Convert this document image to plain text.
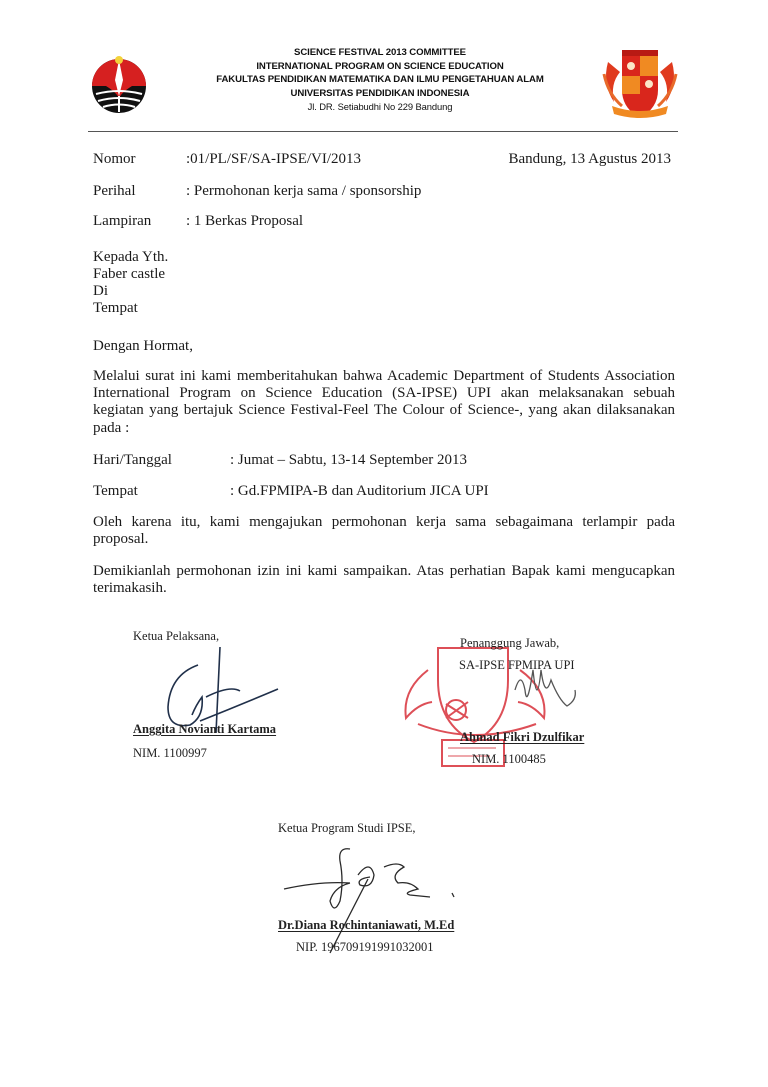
SCIENCE FESTIVAL 2013 COMMITTEE
INTERNATIONAL PROGRAM ON SCIENCE EDUCATION
FAKULTAS PENDIDIKAN MATEMATIKA DAN ILMU PENGETAHUAN ALAM
UNIVERSITAS PENDIDIKAN INDONESIA
Jl. DR. Setiabudhi No 229 Bandung
Nomor	:01/PL/SF/SA-IPSE/VI/2013	Bandung, 13 Agustus 2013
Perihal	: Permohonan kerja sama / sponsorship
Lampiran : 1 Berkas Proposal
Kepada Yth.
Faber castle
Di
Tempat
Dengan Hormat,
Melalui surat ini kami memberitahukan bahwa Academic Department of Students Association International Program on Science Education (SA-IPSE) UPI akan melaksanakan sebuah kegiatan yang bertajuk Science Festival-Feel The Colour of Science-, yang akan dilaksanakan pada :
Hari/Tanggal	: Jumat – Sabtu, 13-14 September 2013
Tempat	: Gd.FPMIPA-B dan Auditorium JICA UPI
Oleh karena itu, kami mengajukan permohonan kerja sama sebagaimana terlampir pada proposal.
Demikianlah permohonan izin ini kami sampaikan. Atas perhatian Bapak kami mengucapkan terimakasih.
Ketua Pelaksana,
Anggita Novianti Kartama
NIM. 1100997
Penanggung Jawab,
SA-IPSE FPMIPA UPI
Ahmad Fikri Dzulfikar
NIM. 1100485
Ketua Program Studi IPSE,
Dr.Diana Rochintaniawati, M.Ed
NIP. 196709191991032001
